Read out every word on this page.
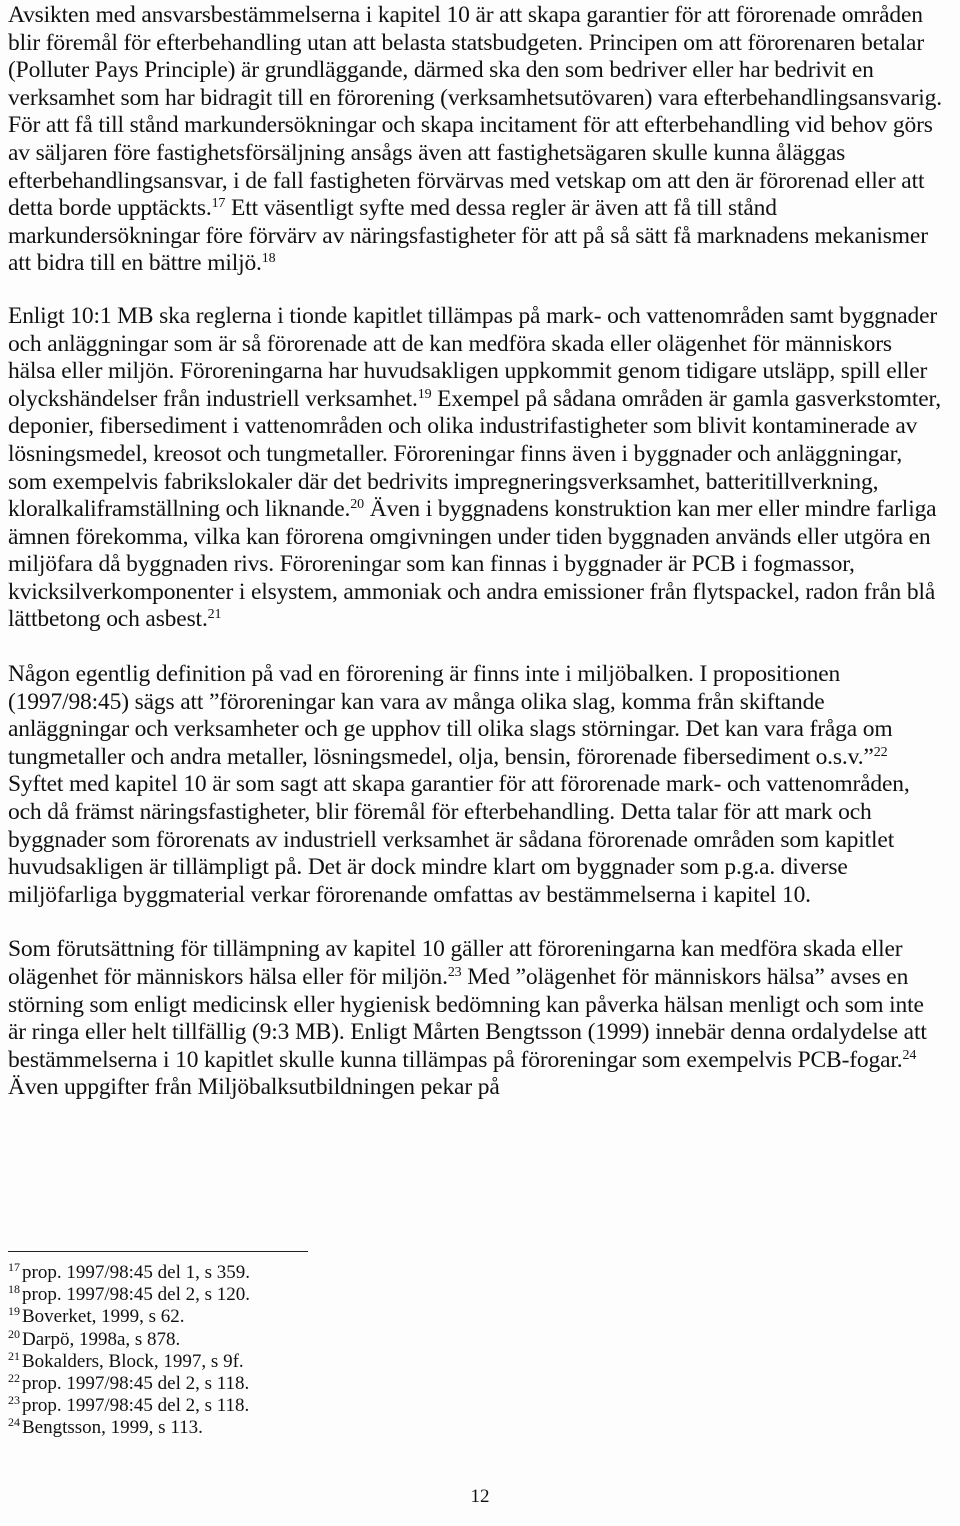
Avsikten med ansvarsbestämmelserna i kapitel 10 är att skapa garantier för att förorenade områden blir föremål för efterbehandling utan att belasta statsbudgeten. Principen om att förorenaren betalar (Polluter Pays Principle) är grundläggande, därmed ska den som bedriver eller har bedrivit en verksamhet som har bidragit till en förorening (verksamhetsutövaren) vara efterbehandlingsansvarig. För att få till stånd markundersökningar och skapa incitament för att efterbehandling vid behov görs av säljaren före fastighetsförsäljning ansågs även att fastighetsägaren skulle kunna åläggas efterbehandlingsansvar, i de fall fastigheten förvärvas med vetskap om att den är förorenad eller att detta borde upptäckts.$^{17}$ Ett väsentligt syfte med dessa regler är även att få till stånd markundersökningar före förvärv av näringsfastigheter för att på så sätt få marknadens mekanismer att bidra till en bättre miljö.$^{18}$
Enligt 10:1 MB ska reglerna i tionde kapitlet tillämpas på mark- och vattenområden samt byggnader och anläggningar som är så förorenade att de kan medföra skada eller olägenhet för människors hälsa eller miljön. Föroreningarna har huvudsakligen uppkommit genom tidigare utsläpp, spill eller olyckshändelser från industriell verksamhet.$^{19}$ Exempel på sådana områden är gamla gasverkstomter, deponier, fibersediment i vattenområden och olika industrifastigheter som blivit kontaminerade av lösningsmedel, kreosot och tungmetaller. Föroreningar finns även i byggnader och anläggningar, som exempelvis fabrikslokaler där det bedrivits impregneringsverksamhet, batteritillverkning, kloralkaliframställning och liknande.$^{20}$ Även i byggnadens konstruktion kan mer eller mindre farliga ämnen förekomma, vilka kan förorena omgivningen under tiden byggnaden används eller utgöra en miljöfara då byggnaden rivs. Föroreningar som kan finnas i byggnader är PCB i fogmassor, kvicksilverkomponenter i elsystem, ammoniak och andra emissioner från flytspackel, radon från blå lättbetong och asbest.$^{21}$
Någon egentlig definition på vad en förorening är finns inte i miljöbalken. I propositionen (1997/98:45) sägs att ”föroreningar kan vara av många olika slag, komma från skiftande anläggningar och verksamheter och ge upphov till olika slags störningar. Det kan vara fråga om tungmetaller och andra metaller, lösningsmedel, olja, bensin, förorenade fibersediment o.s.v.”$^{22}$ Syftet med kapitel 10 är som sagt att skapa garantier för att förorenade mark- och vattenområden, och då främst näringsfastigheter, blir föremål för efterbehandling. Detta talar för att mark och byggnader som förorenats av industriell verksamhet är sådana förorenade områden som kapitlet huvudsakligen är tillämpligt på. Det är dock mindre klart om byggnader som p.g.a. diverse miljöfarliga byggmaterial verkar förorenande omfattas av bestämmelserna i kapitel 10.
Som förutsättning för tillämpning av kapitel 10 gäller att föroreningarna kan medföra skada eller olägenhet för människors hälsa eller för miljön.$^{23}$ Med ”olägenhet för människors hälsa” avses en störning som enligt medicinsk eller hygienisk bedömning kan påverka hälsan menligt och som inte är ringa eller helt tillfällig (9:3 MB). Enligt Mårten Bengtsson (1999) innebär denna ordalydelse att bestämmelserna i 10 kapitlet skulle kunna tillämpas på föroreningar som exempelvis PCB-fogar.$^{24}$ Även uppgifter från Miljöbalksutbildningen pekar på
$^{17}$ prop. 1997/98:45 del 1, s 359.
$^{18}$ prop. 1997/98:45 del 2, s 120.
$^{19}$ Boverket, 1999, s 62.
$^{20}$ Darpö, 1998a, s 878.
$^{21}$ Bokalders, Block, 1997, s 9f.
$^{22}$ prop. 1997/98:45 del 2, s 118.
$^{23}$ prop. 1997/98:45 del 2, s 118.
$^{24}$ Bengtsson, 1999, s 113.
12
